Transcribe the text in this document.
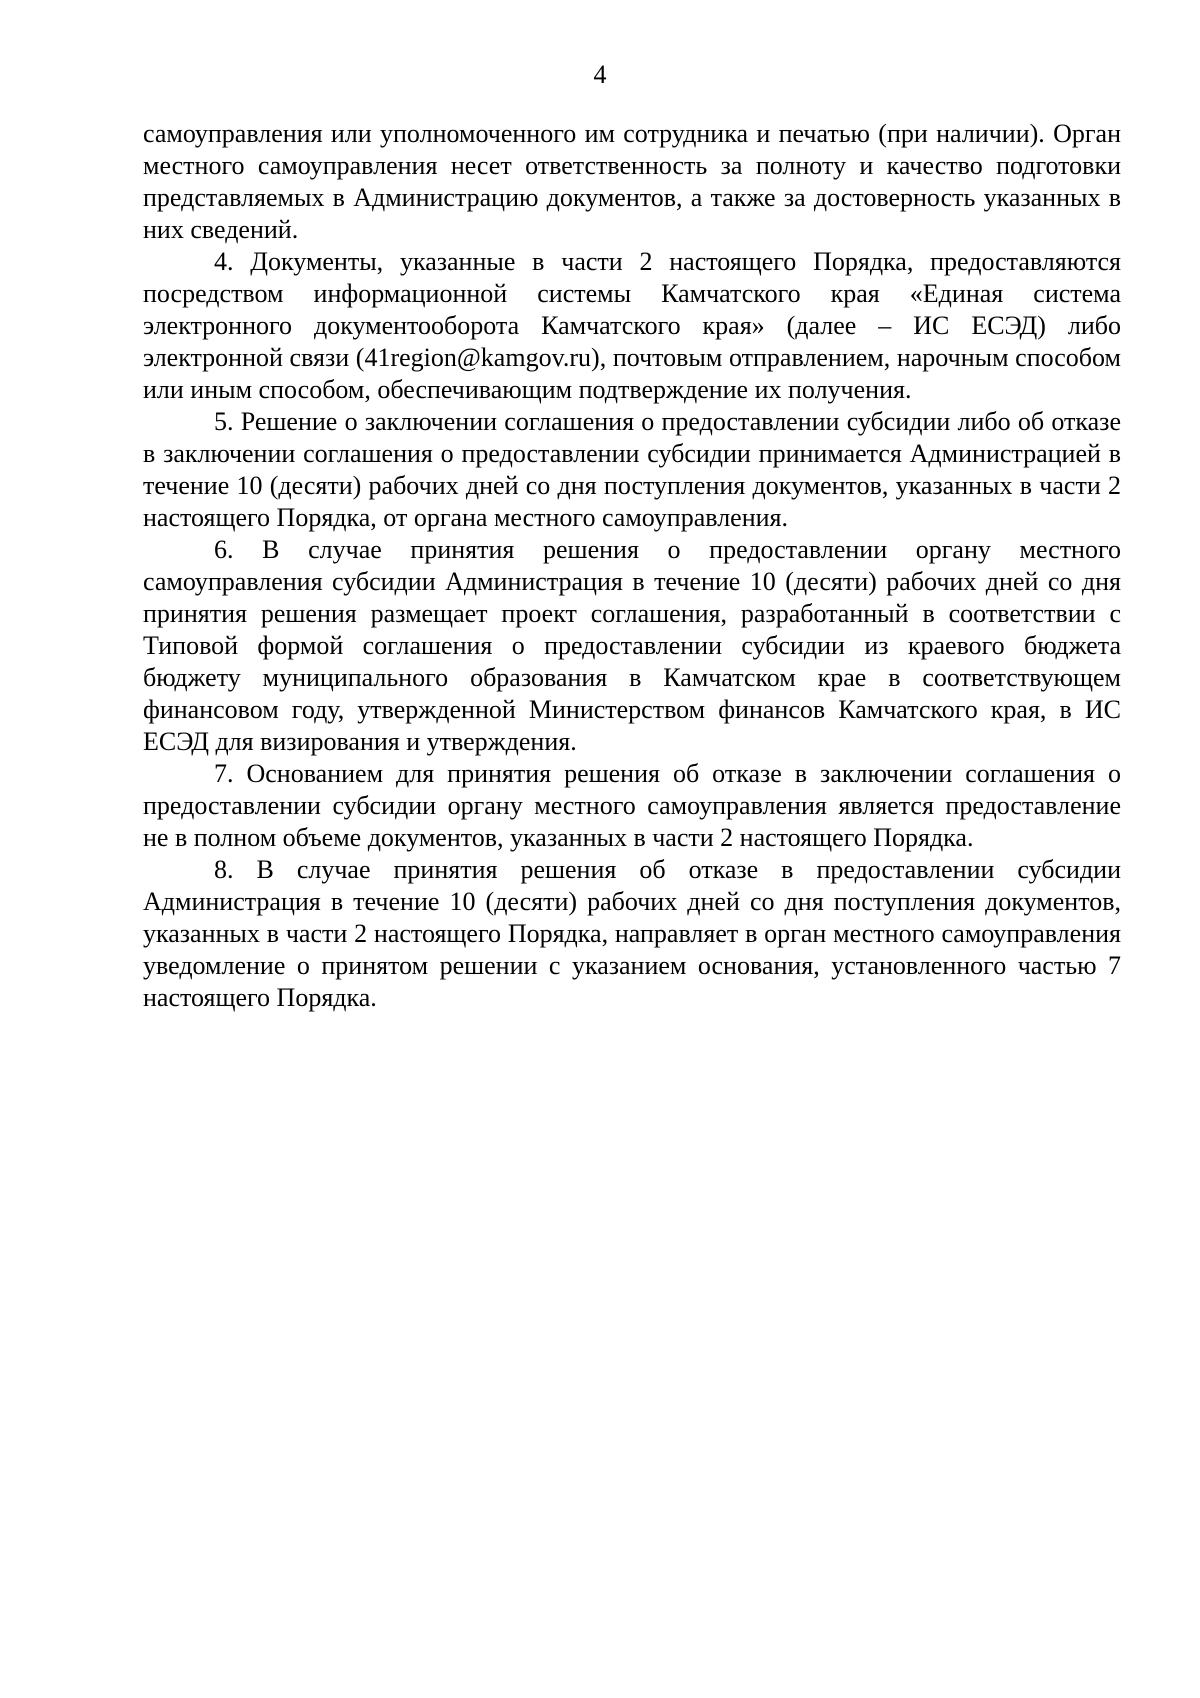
4

самоуправления или уполномоченного им сотрудника и печатью (при наличии). Орган местного самоуправления несет ответственность за полноту и качество подготовки представляемых в Администрацию документов, а также за достоверность указанных в них сведений.

4. Документы, указанные в части 2 настоящего Порядка, предоставляются посредством информационной системы Камчатского края «Единая система электронного документооборота Камчатского края» (далее – ИС ЕСЭД) либо электронной связи (41region@kamgov.ru), почтовым отправлением, нарочным способом или иным способом, обеспечивающим подтверждение их получения.

5. Решение о заключении соглашения о предоставлении субсидии либо об отказе в заключении соглашения о предоставлении субсидии принимается Администрацией в течение 10 (десяти) рабочих дней со дня поступления документов, указанных в части 2 настоящего Порядка, от органа местного самоуправления.

6. В случае принятия решения о предоставлении органу местного самоуправления субсидии Администрация в течение 10 (десяти) рабочих дней со дня принятия решения размещает проект соглашения, разработанный в соответствии с Типовой формой соглашения о предоставлении субсидии из краевого бюджета бюджету муниципального образования в Камчатском крае в соответствующем финансовом году, утвержденной Министерством финансов Камчатского края, в ИС ЕСЭД для визирования и утверждения.

7. Основанием для принятия решения об отказе в заключении соглашения о предоставлении субсидии органу местного самоуправления является предоставление не в полном объеме документов, указанных в части 2 настоящего Порядка.

8. В случае принятия решения об отказе в предоставлении субсидии Администрация в течение 10 (десяти) рабочих дней со дня поступления документов, указанных в части 2 настоящего Порядка, направляет в орган местного самоуправления уведомление о принятом решении с указанием основания, установленного частью 7 настоящего Порядка.
